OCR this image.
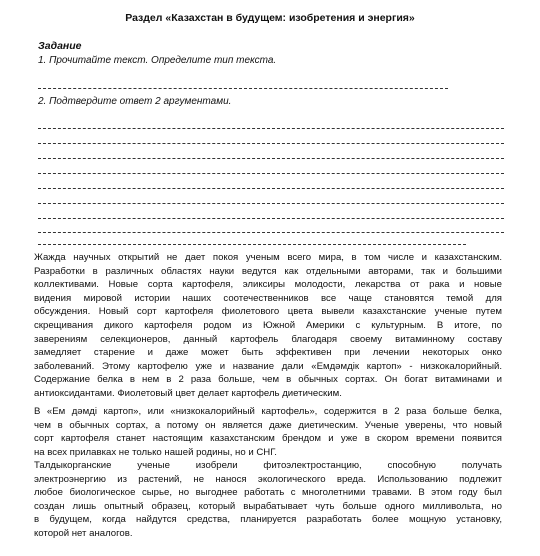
Раздел «Казахстан в будущем: изобретения и энергия»
Задание
1. Прочитайте текст. Определите тип текста.
2. Подтвердите ответ 2 аргументами.
Жажда научных открытий не дает покоя ученым всего мира, в том числе и казахстанским.
Разработки в различных областях науки ведутся как отдельными авторами, так и большими
коллективами. Новые сорта картофеля, эликсиры молодости, лекарства от рака и новые
видения мировой истории наших соотечественников все чаще становятся темой для
обсуждения. Новый сорт картофеля фиолетового цвета вывели казахстанские ученые путем
скрещивания дикого картофеля родом из Южной Америки с культурным. В итоге, по
заверениям селекционеров, данный картофель благодаря своему витаминному составу
замедляет старение и даже может быть эффективен при лечении некоторых онко
заболеваний. Этому картофелю уже и название дали «Емдәмдік картоп» - низкокалорийный.
Содержание белка в нем в 2 раза больше, чем в обычных сортах. Он богат витаминами и
антиоксидантами. Фиолетовый цвет делает картофель диетическим.
В «Ем дәмді картоп», или «низкокалорийный картофель», содержится в 2 раза больше белка,
чем в обычных сортах, а потому он является даже диетическим. Ученые уверены, что новый
сорт картофеля станет настоящим казахстанским брендом и уже в скором времени появится
на всех прилавках не только нашей родины, но и СНГ.
Талдыкорганские ученые изобрели фитоэлектростанцию, способную получать
электроэнергию из растений, не нанося экологического вреда. Использованию подлежит
любое биологическое сырье, но выгоднее работать с многолетними травами. В этом году был
создан лишь опытный образец, который вырабатывает чуть больше одного милливольта, но
в будущем, когда найдутся средства, планируется разработать более мощную установку,
которой нет аналогов.
